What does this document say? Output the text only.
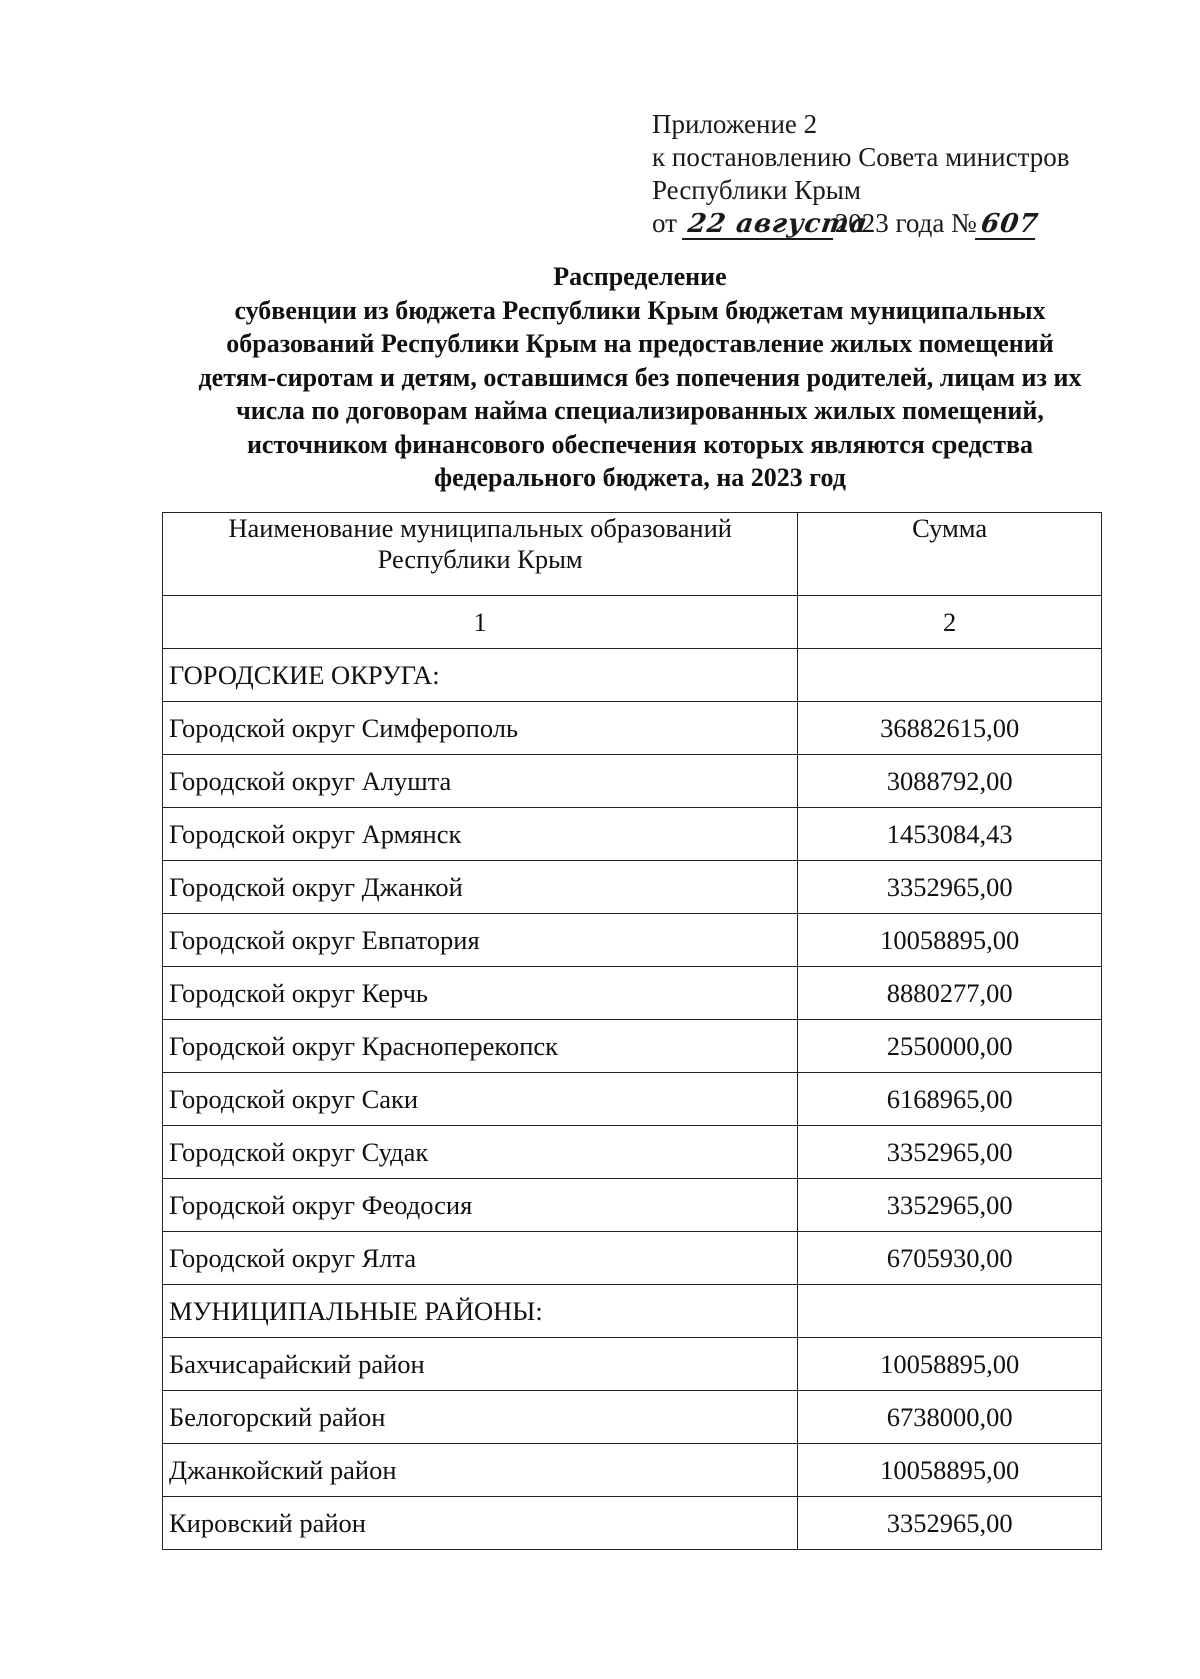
Приложение 2
к постановлению Совета министров
Республики Крым
от 22 августа2023 года №607
Распределение
субвенции из бюджета Республики Крым бюджетам муниципальных
образований Республики Крым на предоставление жилых помещений
детям-сиротам и детям, оставшимся без попечения родителей, лицам из их
числа по договорам найма специализированных жилых помещений,
источником финансового обеспечения которых являются средства
федерального бюджета, на 2023 год
Наименование муниципальных образований Республики Крым	Сумма
1	2
ГОРОДСКИЕ ОКРУГА:	
Городской округ Симферополь	36882615,00
Городской округ Алушта	3088792,00
Городской округ Армянск	1453084,43
Городской округ Джанкой	3352965,00
Городской округ Евпатория	10058895,00
Городской округ Керчь	8880277,00
Городской округ Красноперекопск	2550000,00
Городской округ Саки	6168965,00
Городской округ Судак	3352965,00
Городской округ Феодосия	3352965,00
Городской округ Ялта	6705930,00
МУНИЦИПАЛЬНЫЕ РАЙОНЫ:	
Бахчисарайский район	10058895,00
Белогорский район	6738000,00
Джанкойский район	10058895,00
Кировский район	3352965,00
